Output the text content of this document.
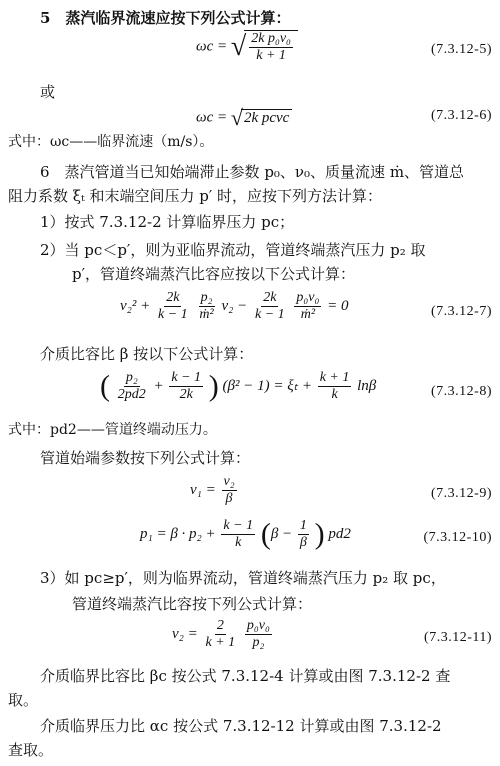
5　蒸汽临界流速应按下列公式计算：
ωc = √ $\frac{\text{2k p₀ν₀}}{k + 1}$	(7.3.12-5)
或
ωc = √ 2k pcνc	(7.3.12-6)
式中：ωc——临界流速（m/s）。
6　蒸汽管道当已知始端滞止参数 p₀、ν₀、质量流速 ṁ、管道总
阻力系数 ξₜ 和末端空间压力 p′ 时，应按下列方法计算：
1）按式 7.3.12-2 计算临界压力 pc；
2）当 pc＜p′，则为亚临界流动，管道终端蒸汽压力 p₂ 取
p′，管道终端蒸汽比容应按以下公式计算：
$\nu_2^2 + \frac{2k}{k - 1}$
$\frac{\text{p₂}}{\text{ṁ²}} \nu_2 - \frac{2k}{k - 1}$
$\frac{\text{p₀ν₀}}{\text{ṁ²}} = 0$	(7.3.12-7)
介质比容比 β 按以下公式计算：
( $\frac{\text{p₂}}{2pd2} + \frac{k - 1}{2k}$ ) $(\beta^2 - 1) = \xi_t + \frac{k + 1}{k}$ lnβ	(7.3.12-8)
式中：pd2——管道终端动压力。
管道始端参数按下列公式计算：
$\nu_1 = \frac{\text{ν₂}}{\beta}$	(7.3.12-9)
$p_1 = \beta \cdot p_2 + \frac{k - 1}{k} (\beta - \frac{1}{\beta}$ ) pd2	(7.3.12-10)
3）如 pc≥p′，则为临界流动，管道终端蒸汽压力 p₂ 取 pc，
管道终端蒸汽比容按下列公式计算：
$\nu_2 = \frac{2}{k + 1}$
$\frac{\text{p₀ν₀}}{\text{p₂}}$	(7.3.12-11)
介质临界比容比 βc 按公式 7.3.12-4 计算或由图 7.3.12-2 查
取。
介质临界压力比 αc 按公式 7.3.12-12 计算或由图 7.3.12-2
查取。
